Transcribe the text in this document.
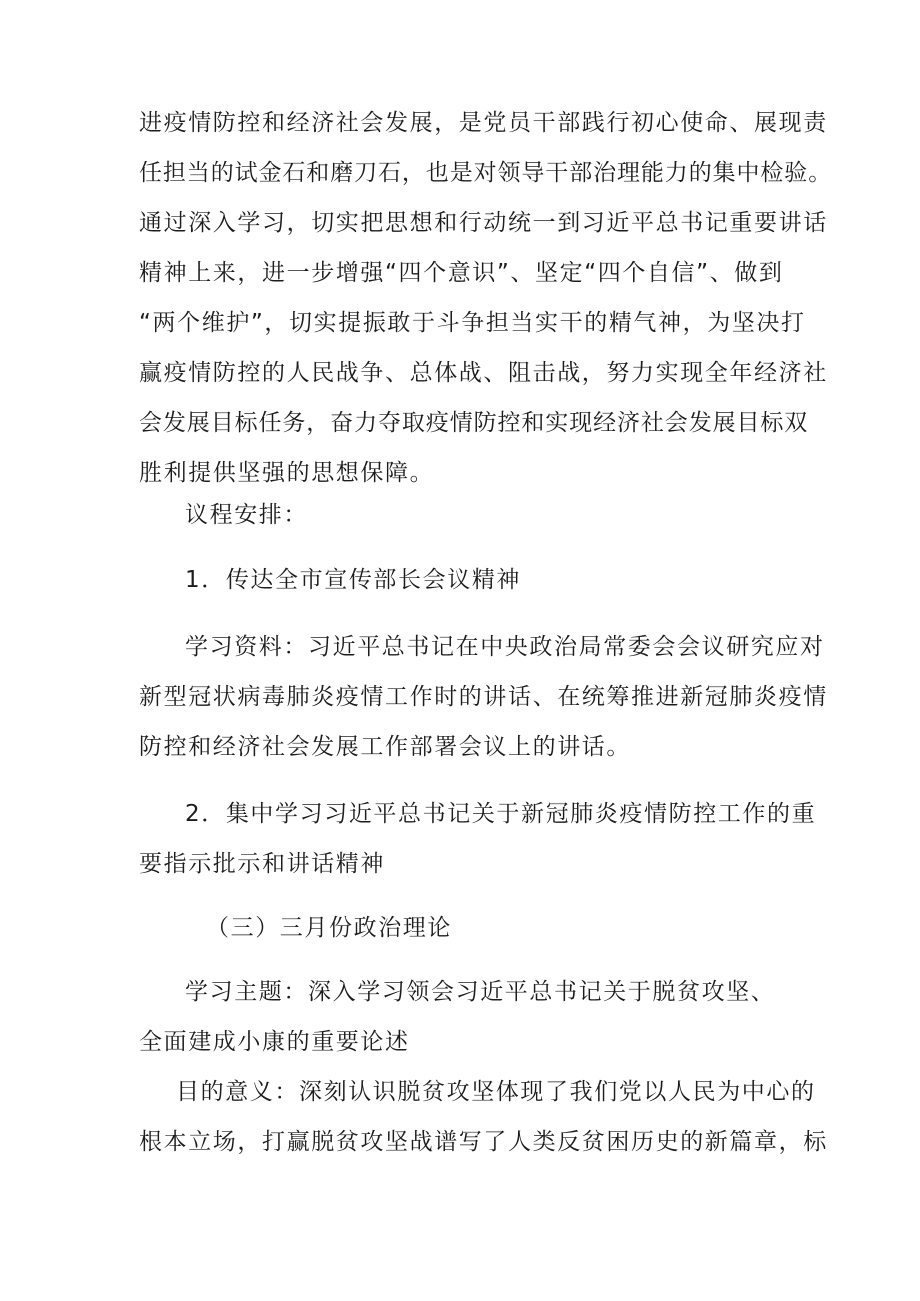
进疫情防控和经济社会发展，是党员干部践行初心使命、展现责
任担当的试金石和磨刀石，也是对领导干部治理能力的集中检验。
通过深入学习，切实把思想和行动统一到习近平总书记重要讲话
精神上来，进一步增强“四个意识”、坚定“四个自信”、做到
“两个维护”，切实提振敢于斗争担当实干的精气神，为坚决打
赢疫情防控的人民战争、总体战、阻击战，努力实现全年经济社
会发展目标任务，奋力夺取疫情防控和实现经济社会发展目标双
胜利提供坚强的思想保障。
议程安排：
1．传达全市宣传部长会议精神
学习资料：习近平总书记在中央政治局常委会会议研究应对
新型冠状病毒肺炎疫情工作时的讲话、在统筹推进新冠肺炎疫情
防控和经济社会发展工作部署会议上的讲话。
2．集中学习习近平总书记关于新冠肺炎疫情防控工作的重
要指示批示和讲话精神
（三）三月份政治理论
学习主题：深入学习领会习近平总书记关于脱贫攻坚、
全面建成小康的重要论述
目的意义：深刻认识脱贫攻坚体现了我们党以人民为中心的
根本立场，打赢脱贫攻坚战谱写了人类反贫困历史的新篇章，标
